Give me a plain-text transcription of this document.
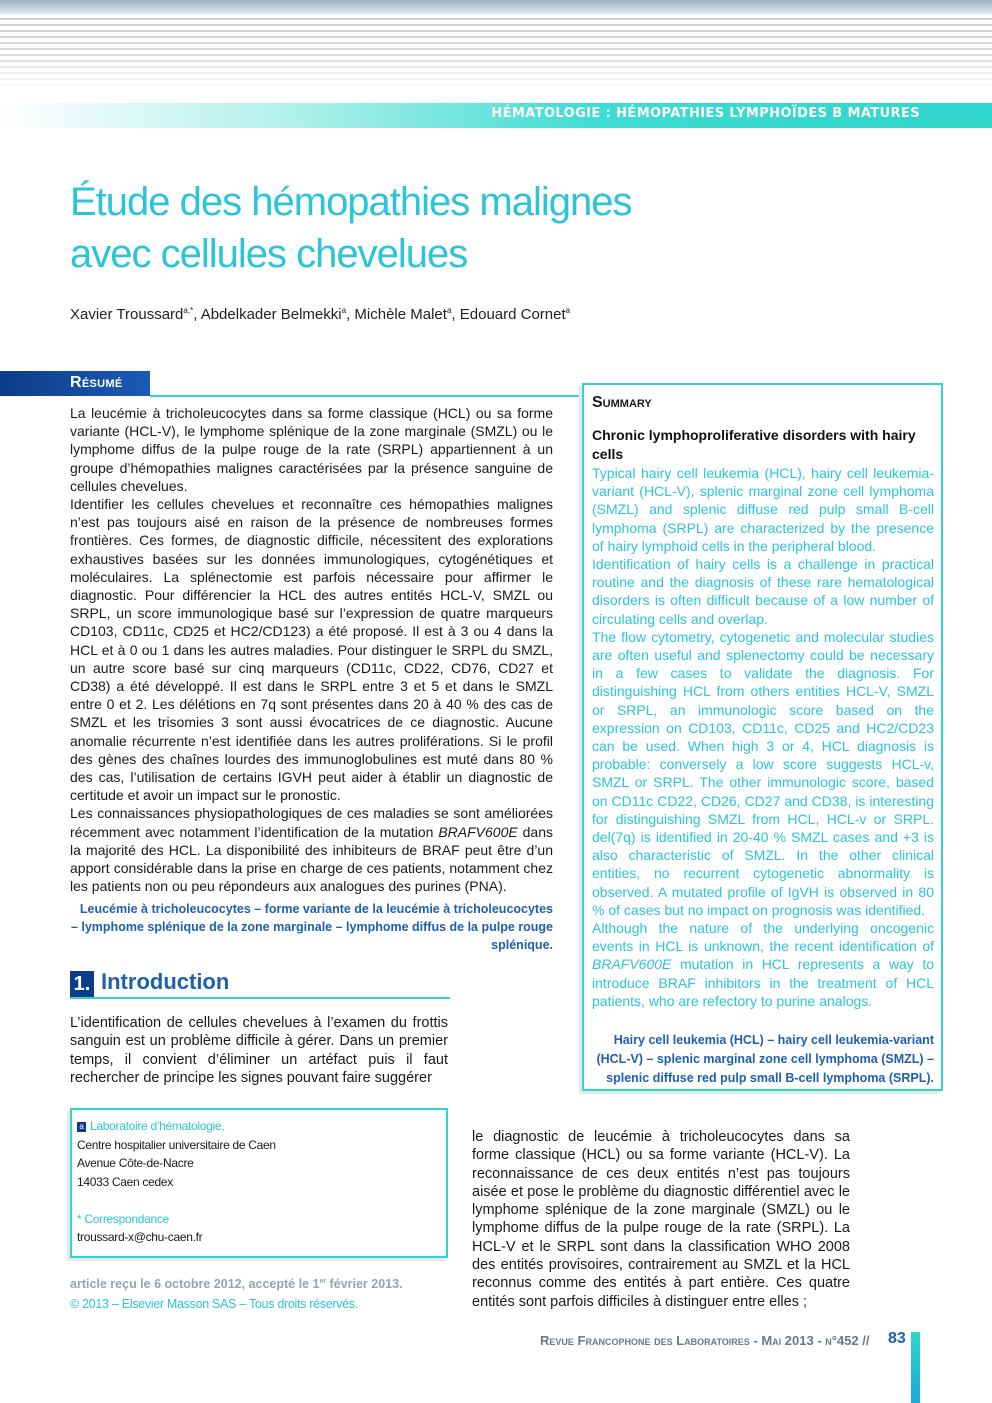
HÉMATOLOGIE : HÉMOPATHIES LYMPHOÏDES B MATURES
Étude des hémopathies malignes
avec cellules chevelues
Xavier Troussard$^{a,*}$, Abdelkader Belmekki$^a$, Michèle Malet$^a$, Edouard Cornet$^a$
Résumé

La leucémie à tricholeucocytes dans sa forme classique (HCL) ou sa forme variante (HCL-V), le lymphome splénique de la zone marginale (SMZL) ou le lymphome diffus de la pulpe rouge de la rate (SRPL) appartiennent à un groupe d’hémopathies malignes caractérisées par la présence sanguine de cellules chevelues.

Identifier les cellules chevelues et reconnaître ces hémopathies malignes n’est pas toujours aisé en raison de la présence de nombreuses formes frontières. Ces formes, de diagnostic difficile, nécessitent des explorations exhaustives basées sur les données immunologiques, cytogénétiques et moléculaires. La splénectomie est parfois nécessaire pour affirmer le diagnostic. Pour différencier la HCL des autres entités HCL-V, SMZL ou SRPL, un score immunologique basé sur l’expression de quatre marqueurs CD103, CD11c, CD25 et HC2/CD123) a été proposé. Il est à 3 ou 4 dans la HCL et à 0 ou 1 dans les autres maladies. Pour distinguer le SRPL du SMZL, un autre score basé sur cinq marqueurs (CD11c, CD22, CD76, CD27 et CD38) a été développé. Il est dans le SRPL entre 3 et 5 et dans le SMZL entre 0 et 2. Les délétions en 7q sont présentes dans 20 à 40 % des cas de SMZL et les trisomies 3 sont aussi évocatrices de ce diagnostic. Aucune anomalie récurrente n’est identifiée dans les autres proliférations. Si le profil des gènes des chaînes lourdes des immunoglobulines est muté dans 80 % des cas, l’utilisation de certains IGVH peut aider à établir un diagnostic de certitude et avoir un impact sur le pronostic.

Les connaissances physiopathologiques de ces maladies se sont améliorées récemment avec notamment l’identification de la mutation BRAFV600E dans la majorité des HCL. La disponibilité des inhibiteurs de BRAF peut être d’un apport considérable dans la prise en charge de ces patients, notamment chez les patients non ou peu répondeurs aux analogues des purines (PNA).

Leucémie à tricholeucocytes – forme variante de la leucémie à tricholeucocytes – lymphome splénique de la zone marginale – lymphome diffus de la pulpe rouge splénique.
Summary
Chronic lymphoproliferative disorders with hairy cells

Typical hairy cell leukemia (HCL), hairy cell leukemia-variant (HCL-V), splenic marginal zone cell lymphoma (SMZL) and splenic diffuse red pulp small B-cell lymphoma (SRPL) are characterized by the presence of hairy lymphoid cells in the peripheral blood.

Identification of hairy cells is a challenge in practical routine and the diagnosis of these rare hematological disorders is often difficult because of a low number of circulating cells and overlap.

The flow cytometry, cytogenetic and molecular studies are often useful and splenectomy could be necessary in a few cases to validate the diagnosis. For distinguishing HCL from others entities HCL-V, SMZL or SRPL, an immunologic score based on the expression on CD103, CD11c, CD25 and HC2/CD23 can be used. When high 3 or 4, HCL diagnosis is probable: conversely a low score suggests HCL-v, SMZL or SRPL. The other immunologic score, based on CD11c CD22, CD26, CD27 and CD38, is interesting for distinguishing SMZL from HCL, HCL-v or SRPL. del(7q) is identified in 20-40 % SMZL cases and +3 is also characteristic of SMZL. In the other clinical entities, no recurrent cytogenetic abnormality is observed. A mutated profile of IgVH is observed in 80 % of cases but no impact on prognosis was identified.

Although the nature of the underlying oncogenic events in HCL is unknown, the recent identification of BRAFV600E mutation in HCL represents a way to introduce BRAF inhibitors in the treatment of HCL patients, who are refectory to purine analogs.

Hairy cell leukemia (HCL) – hairy cell leukemia-variant (HCL-V) – splenic marginal zone cell lymphoma (SMZL) – splenic diffuse red pulp small B-cell lymphoma (SRPL).
1. Introduction
L’identification de cellules chevelues à l’examen du frottis sanguin est un problème difficile à gérer. Dans un premier temps, il convient d’éliminer un artéfact puis il faut rechercher de principe les signes pouvant faire suggérer
a Laboratoire d’hématologie,
Centre hospitalier universitaire de Caen
Avenue Côte-de-Nacre
14033 Caen cedex
* Correspondance
troussard-x@chu-caen.fr
article reçu le 6 octobre 2012, accepté le 1er février 2013.
© 2013 – Elsevier Masson SAS – Tous droits réservés.
le diagnostic de leucémie à tricholeucocytes dans sa forme classique (HCL) ou sa forme variante (HCL-V). La reconnaissance de ces deux entités n’est pas toujours aisée et pose le problème du diagnostic différentiel avec le lymphome splénique de la zone marginale (SMZL) ou le lymphome diffus de la pulpe rouge de la rate (SRPL). La HCL-V et le SRPL sont dans la classification WHO 2008 des entités provisoires, contrairement au SMZL et la HCL reconnus comme des entités à part entière. Ces quatre entités sont parfois difficiles à distinguer entre elles ;
Revue Francophone des Laboratoires - Mai 2013 - n°452 // 83
